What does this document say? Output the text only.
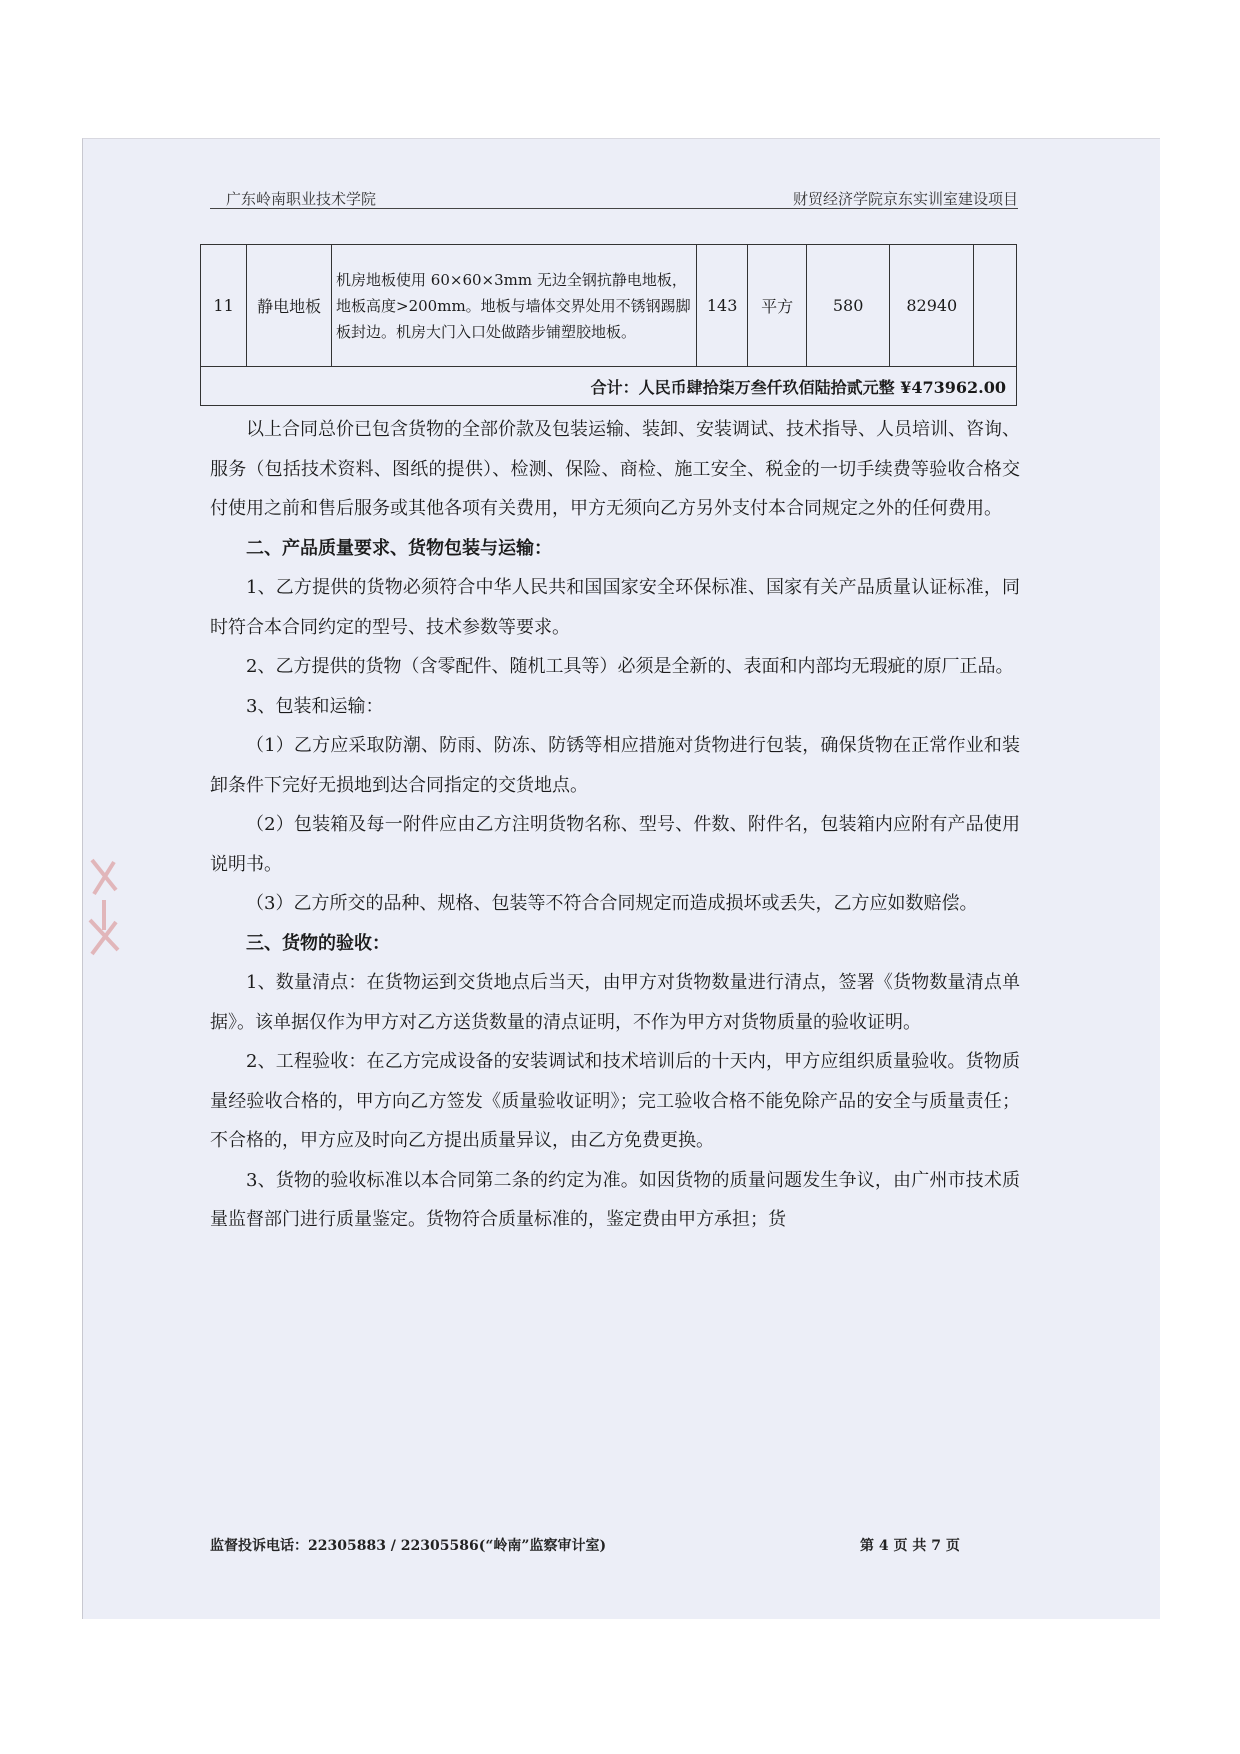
广东岭南职业技术学院	财贸经济学院京东实训室建设项目
11	静电地板	机房地板使用 60×60×3mm 无边全钢抗静电地板，地板高度>200mm。地板与墙体交界处用不锈钢踢脚板封边。机房大门入口处做踏步铺塑胶地板。	143	平方	580	82940	
合计：人民币肆拾柒万叁仟玖佰陆拾贰元整 ¥473962.00

以上合同总价已包含货物的全部价款及包装运输、装卸、安装调试、技术指导、人员培训、咨询、服务（包括技术资料、图纸的提供）、检测、保险、商检、施工安全、税金的一切手续费等验收合格交付使用之前和售后服务或其他各项有关费用，甲方无须向乙方另外支付本合同规定之外的任何费用。

二、产品质量要求、货物包装与运输：

1、乙方提供的货物必须符合中华人民共和国国家安全环保标准、国家有关产品质量认证标准，同时符合本合同约定的型号、技术参数等要求。

2、乙方提供的货物（含零配件、随机工具等）必须是全新的、表面和内部均无瑕疵的原厂正品。

3、包装和运输：

（1）乙方应采取防潮、防雨、防冻、防锈等相应措施对货物进行包装，确保货物在正常作业和装卸条件下完好无损地到达合同指定的交货地点。

（2）包装箱及每一附件应由乙方注明货物名称、型号、件数、附件名，包装箱内应附有产品使用说明书。

（3）乙方所交的品种、规格、包装等不符合合同规定而造成损坏或丢失，乙方应如数赔偿。

三、货物的验收：

1、数量清点：在货物运到交货地点后当天，由甲方对货物数量进行清点，签署《货物数量清点单据》。该单据仅作为甲方对乙方送货数量的清点证明，不作为甲方对货物质量的验收证明。

2、工程验收：在乙方完成设备的安装调试和技术培训后的十天内，甲方应组织质量验收。货物质量经验收合格的，甲方向乙方签发《质量验收证明》；完工验收合格不能免除产品的安全与质量责任；不合格的，甲方应及时向乙方提出质量异议，由乙方免费更换。

3、货物的验收标准以本合同第二条的约定为准。如因货物的质量问题发生争议，由广州市技术质量监督部门进行质量鉴定。货物符合质量标准的，鉴定费由甲方承担；货

监督投诉电话：22305883 / 22305586(“岭南”监察审计室)	第 4 页 共 7 页
